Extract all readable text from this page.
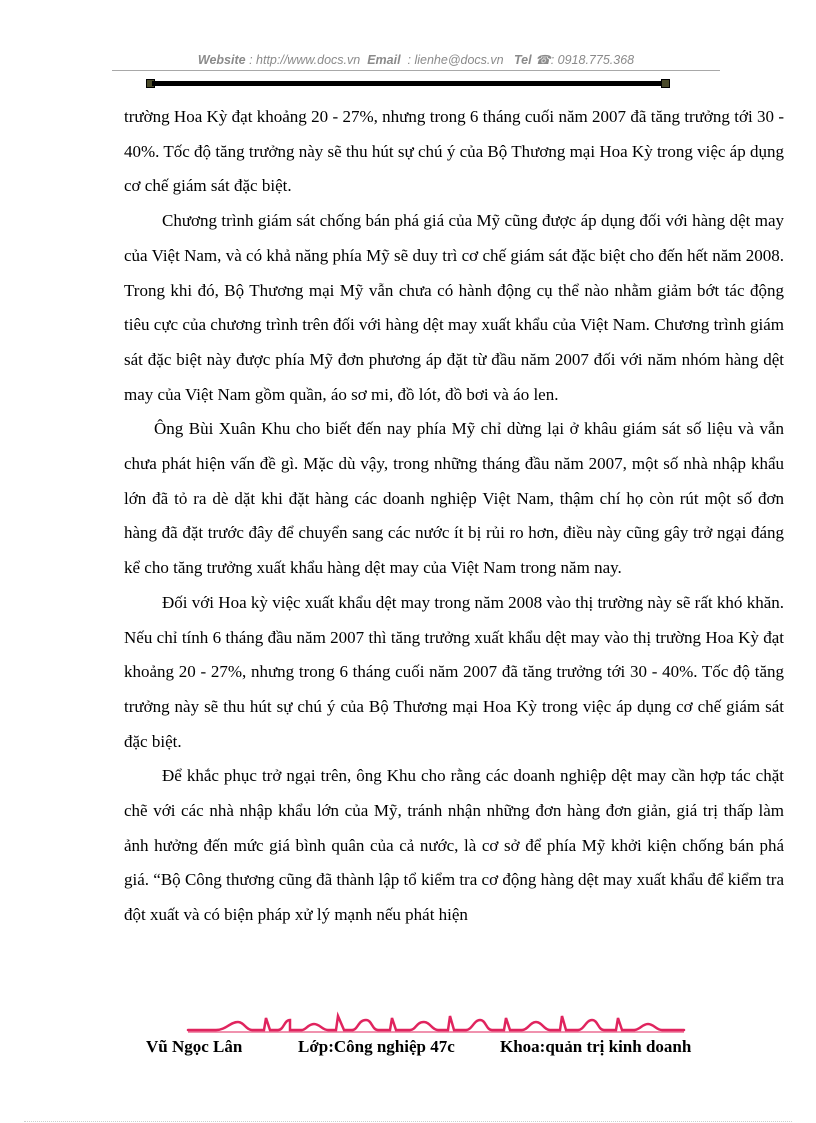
Website : http://www.docs.vn Email : lienhe@docs.vn Tel ☎: 0918.775.368

trường Hoa Kỳ đạt khoảng 20 - 27%, nhưng trong 6 tháng cuối năm 2007 đã tăng trưởng tới 30 - 40%. Tốc độ tăng trưởng này sẽ thu hút sự chú ý của Bộ Thương mại Hoa Kỳ trong việc áp dụng cơ chế giám sát đặc biệt.

Chương trình giám sát chống bán phá giá của Mỹ cũng được áp dụng đối với hàng dệt may của Việt Nam, và có khả năng phía Mỹ sẽ duy trì cơ chế giám sát đặc biệt cho đến hết năm 2008. Trong khi đó, Bộ Thương mại Mỹ vẫn chưa có hành động cụ thể nào nhằm giảm bớt tác động tiêu cực của chương trình trên đối với hàng dệt may xuất khẩu của Việt Nam. Chương trình giám sát đặc biệt này được phía Mỹ đơn phương áp đặt từ đầu năm 2007 đối với năm nhóm hàng dệt may của Việt Nam gồm quần, áo sơ mi, đồ lót, đồ bơi và áo len.

Ông Bùi Xuân Khu cho biết đến nay phía Mỹ chỉ dừng lại ở khâu giám sát số liệu và vẫn chưa phát hiện vấn đề gì. Mặc dù vậy, trong những tháng đầu năm 2007, một số nhà nhập khẩu lớn đã tỏ ra dè dặt khi đặt hàng các doanh nghiệp Việt Nam, thậm chí họ còn rút một số đơn hàng đã đặt trước đây để chuyển sang các nước ít bị rủi ro hơn, điều này cũng gây trở ngại đáng kể cho tăng trưởng xuất khẩu hàng dệt may của Việt Nam trong năm nay.

Đối với Hoa kỳ việc xuất khẩu dệt may trong năm 2008 vào thị trường này sẽ rất khó khăn. Nếu chỉ tính 6 tháng đầu năm 2007 thì tăng trưởng xuất khẩu dệt may vào thị trường Hoa Kỳ đạt khoảng 20 - 27%, nhưng trong 6 tháng cuối năm 2007 đã tăng trưởng tới 30 - 40%. Tốc độ tăng trưởng này sẽ thu hút sự chú ý của Bộ Thương mại Hoa Kỳ trong việc áp dụng cơ chế giám sát đặc biệt.

Để khắc phục trở ngại trên, ông Khu cho rằng các doanh nghiệp dệt may cần hợp tác chặt chẽ với các nhà nhập khẩu lớn của Mỹ, tránh nhận những đơn hàng đơn giản, giá trị thấp làm ảnh hưởng đến mức giá bình quân của cả nước, là cơ sở để phía Mỹ khởi kiện chống bán phá giá. “Bộ Công thương cũng đã thành lập tổ kiểm tra cơ động hàng dệt may xuất khẩu để kiểm tra đột xuất và có biện pháp xử lý mạnh nếu phát hiện

Vũ Ngọc Lân	Lớp:Công nghiệp 47c	Khoa:quản trị kinh doanh
